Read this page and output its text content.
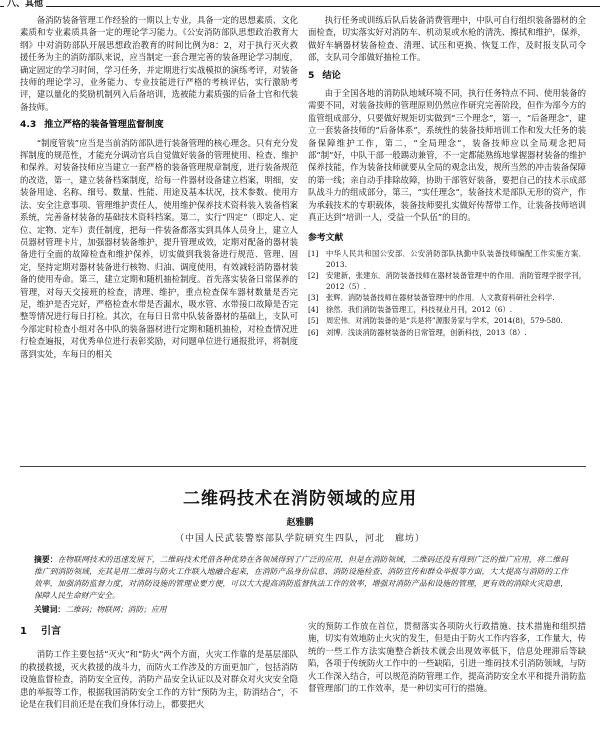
八、其他

备消防装备管理工作经验的一期以上专业，具备一定的思想素质、文化素质和专业素质具备一定的理论学习能力。《公安消防部队思想政治教育大纲》中对消防部队开展思想政治教育的时间比例为8：2，对于执行灭火救援任务为主的消防部队来说，应当制定一套合理完善的装备理论学习制度，确定固定的学习时间，学习任务，并定期进行实战模拟的演练考评，对装备技师的理论学习，业务能力、专业技能进行严格的考核评估，实行激励考评，建以量化的奖励机制列入后备培训，选被能力素质强的后备士官和代装备技师。

4.3 推立严格的装备管理监督制度

“制度管装”应当是当前消防部队进行装备管理的核心理念。只有充分发挥制度的规范性，才能充分调动官兵自觉做好装备的管理使用、检查、维护和保养。对装备技师应当建立一套严格的装备管理规章制度，进行装备规范的改造，第一，建立装备档案制度，给每一件器材设备建立档案，明细，安装备用途、名称、细号、数量、性能、用途及基本状况，技术参数、使用方法、安全注意事项、管理维护责任人，使用维护保养技术资料装入装备档案系统，完善备材装备的基础技术资料档案。第二，实行“四定”（即定人、定位、定物、定车）责任制度，把每一件装备都落实到具体人员身上，建立人员器材管理卡片，加强器材装备维护，提升管理成效，定期对配备的器材装备进行全面的故障检查和维护保养，切实做到我装备进行规范、管理、固定，坚持定期对器材装备进行核物、归油、调度使用，有效减轻消防器材装备的使用寿命。第三，建立定期和随机抽检制度。首先落实装备日常保养的管理，对每天交接班的检查，清理、维护，重点检查保车器材数量是否完足，维护是否完好，严格检查水带是否漏水，吸水管、水带接口故障是否完整等情况进行每日打检。其次，在每日日常中队装备器材的基础上，支队可今部定时检查小组对各中队的装备器材进行定期和随机抽检，对检查情况进行检查遍报，对优秀单位进行表彰奖励，对问题单位进行通报批评，将制度落到实处，车每日的相关

执行任务或训练后队后装备消费管理中，中队可自行组织装备器材的全面检查，切实落实好对消防车、机动泵或水枪的清洗、擦拭和维护，保养，做好车辆器材装备检查、清理、试压和更换、恢复工作，及时报支队司令部，支队司令部做好抽检工作。

5 结论

由于全国各地的消防队地域环境不同，执行任务特点不同、使用装备的需要不同，对装备技师的管理原则仍然应作研究完善阶段，但作为部今方的监管组成部分，只要做好规矩切实做到“三个理念”，第一，“后备理念”，建立一套装备技师的“后备体系”，系统性的装备技师培训工作和发大任务的装备保障维护工作，第二，“全局理念”，装备技师应以全局观念把局部“制”好，中队干部一般踢动兼管，不一定都能熟练地掌握器材装备的维护保养技能，作为装备技师就要从全局的观念出发，规所当然的冲击装备保障的第一线；亲自动手排除故障，协助干部管好装备，要把自己的技术示成部队战斗力的组成部分，第三，“实任理念”，装备技术是部队无形的资产，作为承载技术的专职载体，装备技师要扎实做好传帮带工作，让装备技师培训真正达到“培训一人，受益一个队伍”的目的。

参考文献
[1]	中华人民共和国公安部．公安消防部队执勤中队装备技师编配工作实施方案．2013.
[2]	安建新，张建东．消防装备技师在器材装备管理中的作用．消防管理学报学刊，2012（5）.
[3]	张辉．消防装备技师在器材装备管理中的作用．人文教育科研社会科学.
[4]	徐然．我们消防装备管理工，科技视业月刊，2012（6）.
[5]	周宏伟．对消防装备的是“兵是将”源服务家与学术，2014(8)，579-580.
[6]	刘博．浅谈消防器材装备的日常管理，创新科技，2013（8）.
二维码技术在消防领域的应用
赵雅鹏
（中国人民武装警察部队学院研究生四队，河北　廊坊）
摘要：在物联网技术的迅速发展下，二维码技术凭借各种优势在各领域得到了广泛的应用，但是在消防领域，二维码还没有得到广泛的推广应用，将二维码推广到消防领域，充其是用二维码与防火工作联入地融合起来，在消防产品身份信息、消防设施检查、消防宣传和群众举报等方面，大大提高与消防的工作效率，加强消防监督力度，对消防设施的管理业要方便，可以大大提高消防监督执法工作的效率，增强对消防产品和设施的管理，更有效的消除火灾隐患，保障人民生命财产安全。
关键词：二维码；物联网；消防；应用
1 引言

消防工作主要包括“灭火”和“防火”两个方面，火灾工作靠的是基层部队的救援救援，灭火救援的战斗力，而防火工作涉及的方面更加广，包括消防设施监督检查，消防安全宣传，消防产品安全认证以及对群众对火灾安全隐患的举报等工作，根据我国消防安全工作的方针“预防为主，防消结合”，不论是在我们目前还是在我们身体行动上，都要把火

灾的预防工作放在首位，贯彻落实各项防火行政措施、技术措施和组织措施，切实有效地防止火灾的发生，但是由于防火工作内容多，工作量大，传统的一些工作方法实施整合新技术就会出现效率低下，信息处理滞后等缺陷，各项于传统防火工作中的一些缺陷，引进一维码技术引消防领域，与防火工作深入结合，可以规范消防管理工作，提高消防安全水平和提升消防监督管理部门的工作效率，是一种切实可行的措施。
